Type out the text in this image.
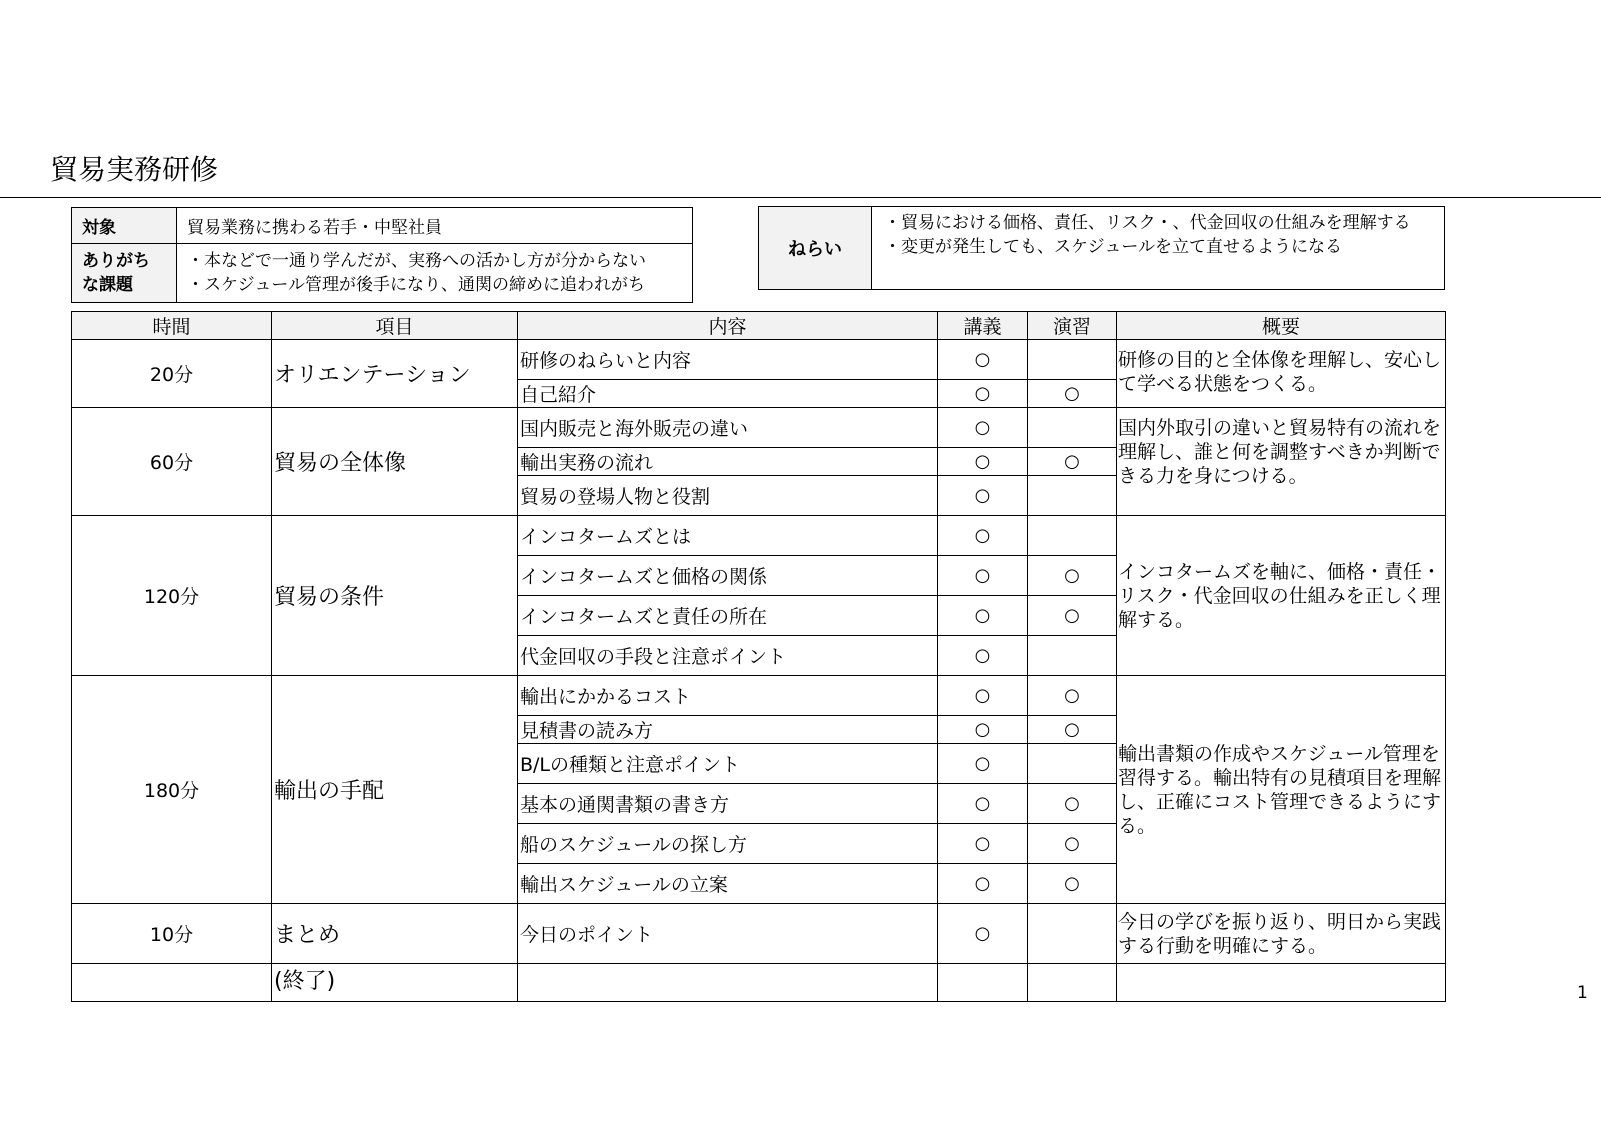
貿易実務研修
対象	貿易業務に携わる若手・中堅社員

ありがち
な課題	・本などで一通り学んだが、実務への活かし方が分からない
・スケジュール管理が後手になり、通関の締めに追われがち
ねらい
・貿易における価格、責任、リスク・、代金回収の仕組みを理解する
・変更が発生しても、スケジュールを立て直せるようになる
時間	項目	内容	講義	演習	概要
20分	オリエンテーション	研修のねらいと内容	○		研修の目的と全体像を理解し、安心して学べる状態をつくる。
		自己紹介	○	○	
60分	貿易の全体像	国内販売と海外販売の違い	○		国内外取引の違いと貿易特有の流れを理解し、誰と何を調整すべきか判断できる力を身につける。
		輸出実務の流れ	○	○	
		貿易の登場人物と役割	○		
120分	貿易の条件	インコタームズとは	○		インコタームズを軸に、価格・責任・リスク・代金回収の仕組みを正しく理解する。
		インコタームズと価格の関係	○	○	
		インコタームズと責任の所在	○	○	
		代金回収の手段と注意ポイント	○		
180分	輸出の手配	輸出にかかるコスト	○	○	輸出書類の作成やスケジュール管理を習得する。輸出特有の見積項目を理解し、正確にコスト管理できるようにする。
		見積書の読み方	○	○	
		B/Lの種類と注意ポイント	○		
		基本の通関書類の書き方	○	○	
		船のスケジュールの探し方	○	○	
		輸出スケジュールの立案	○	○	
10分	まとめ	今日のポイント	○		今日の学びを振り返り、明日から実践する行動を明確にする。
	(終了)					1
